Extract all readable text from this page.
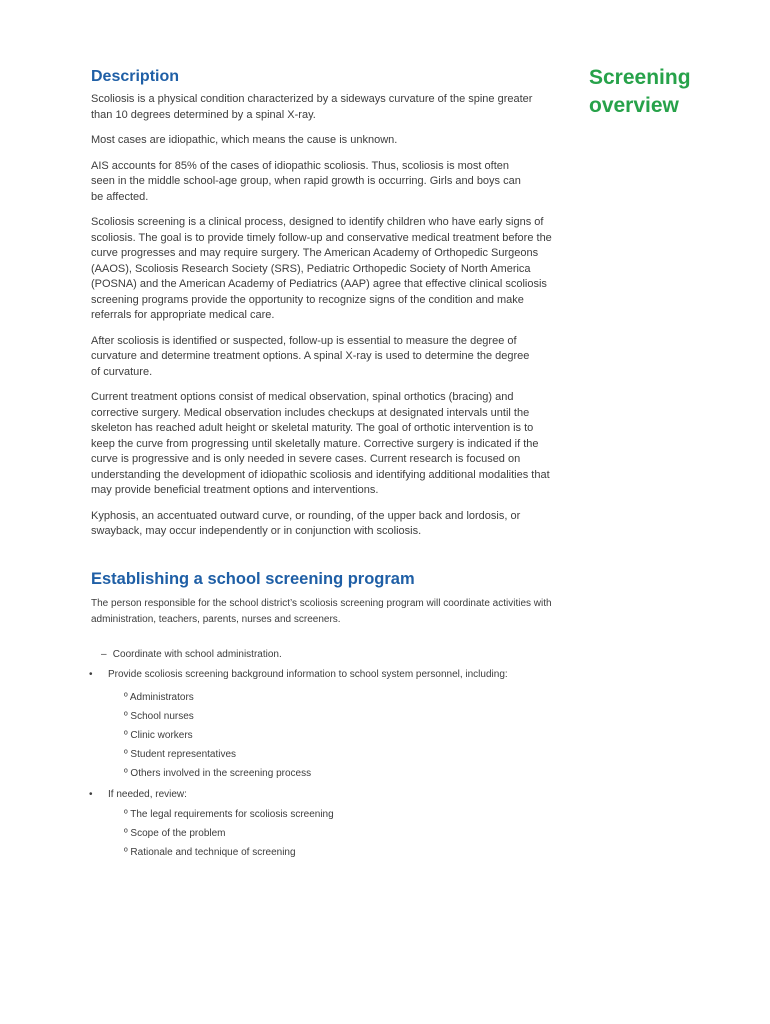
Screening
overview
Description

Scoliosis is a physical condition characterized by a sideways curvature of the spine greater than 10 degrees determined by a spinal X-ray.

Most cases are idiopathic, which means the cause is unknown.

AIS accounts for 85% of the cases of idiopathic scoliosis. Thus, scoliosis is most often seen in the middle school-age group, when rapid growth is occurring. Girls and boys can be affected.

Scoliosis screening is a clinical process, designed to identify children who have early signs of scoliosis. The goal is to provide timely follow-up and conservative medical treatment before the curve progresses and may require surgery. The American Academy of Orthopedic Surgeons (AAOS), Scoliosis Research Society (SRS), Pediatric Orthopedic Society of North America (POSNA) and the American Academy of Pediatrics (AAP) agree that effective clinical scoliosis screening programs provide the opportunity to recognize signs of the condition and make referrals for appropriate medical care.

After scoliosis is identified or suspected, follow-up is essential to measure the degree of curvature and determine treatment options. A spinal X-ray is used to determine the degree of curvature.

Current treatment options consist of medical observation, spinal orthotics (bracing) and corrective surgery. Medical observation includes checkups at designated intervals until the skeleton has reached adult height or skeletal maturity. The goal of orthotic intervention is to keep the curve from progressing until skeletally mature. Corrective surgery is indicated if the curve is progressive and is only needed in severe cases. Current research is focused on understanding the development of idiopathic scoliosis and identifying additional modalities that may provide beneficial treatment options and interventions.

Kyphosis, an accentuated outward curve, or rounding, of the upper back and lordosis, or swayback, may occur independently or in conjunction with scoliosis.

Establishing a school screening program

The person responsible for the school district’s scoliosis screening program will coordinate activities with administration, teachers, parents, nurses and screeners.

– Coordinate with school administration.
• Provide scoliosis screening background information to school system personnel, including:
º Administrators
º School nurses
º Clinic workers
º Student representatives
º Others involved in the screening process
• If needed, review:
º The legal requirements for scoliosis screening
º Scope of the problem
º Rationale and technique of screening
